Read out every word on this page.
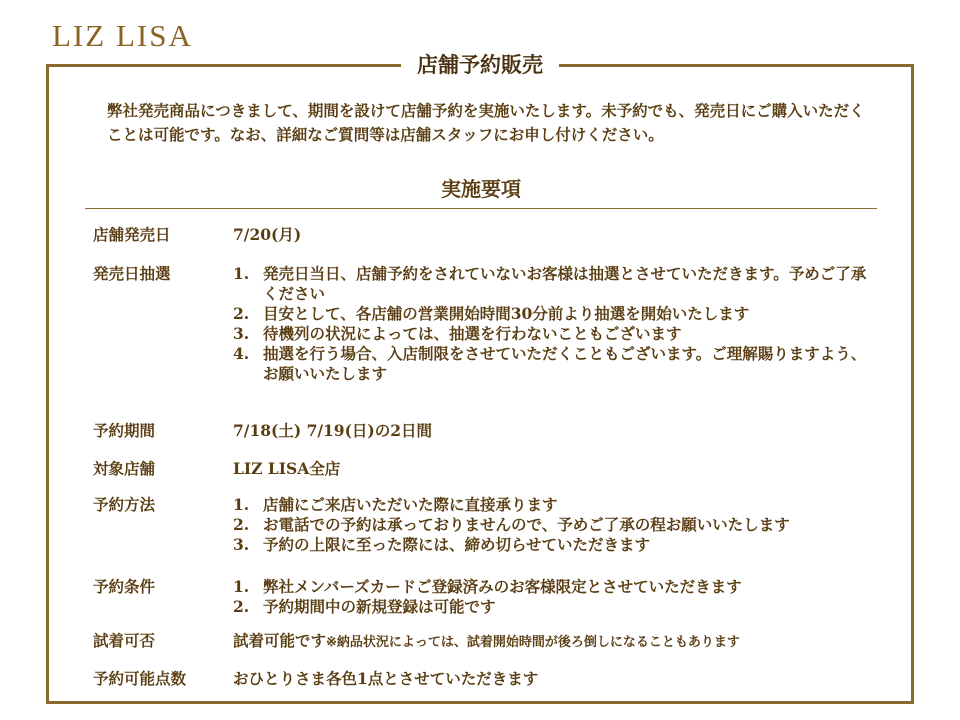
LIZ LISA
店舗予約販売
弊社発売商品につきまして、期間を設けて店舗予約を実施いたします。未予約でも、発売日にご購入いただくことは可能です。なお、詳細なご質問等は店舗スタッフにお申し付けください。
実施要項
店舗発売日	7/20(月)
発売日抽選	1. 発売日当日、店舗予約をされていないお客様は抽選とさせていただきます。予めご了承ください
2. 目安として、各店舗の営業開始時間30分前より抽選を開始いたします
3. 待機列の状況によっては、抽選を行わないこともございます
4. 抽選を行う場合、入店制限をさせていただくこともございます。ご理解賜りますよう、お願いいたします
予約期間	7/18(土) 7/19(日)の2日間
対象店舗	LIZ LISA全店
予約方法	1. 店舗にご来店いただいた際に直接承ります
2. お電話での予約は承っておりませんので、予めご了承の程お願いいたします
3. 予約の上限に至った際には、締め切らせていただきます
予約条件	1. 弊社メンバーズカードご登録済みのお客様限定とさせていただきます
2. 予約期間中の新規登録は可能です
試着可否	試着可能です※納品状況によっては、試着開始時間が後ろ倒しになることもあります
予約可能点数	おひとりさま各色1点とさせていただきます
